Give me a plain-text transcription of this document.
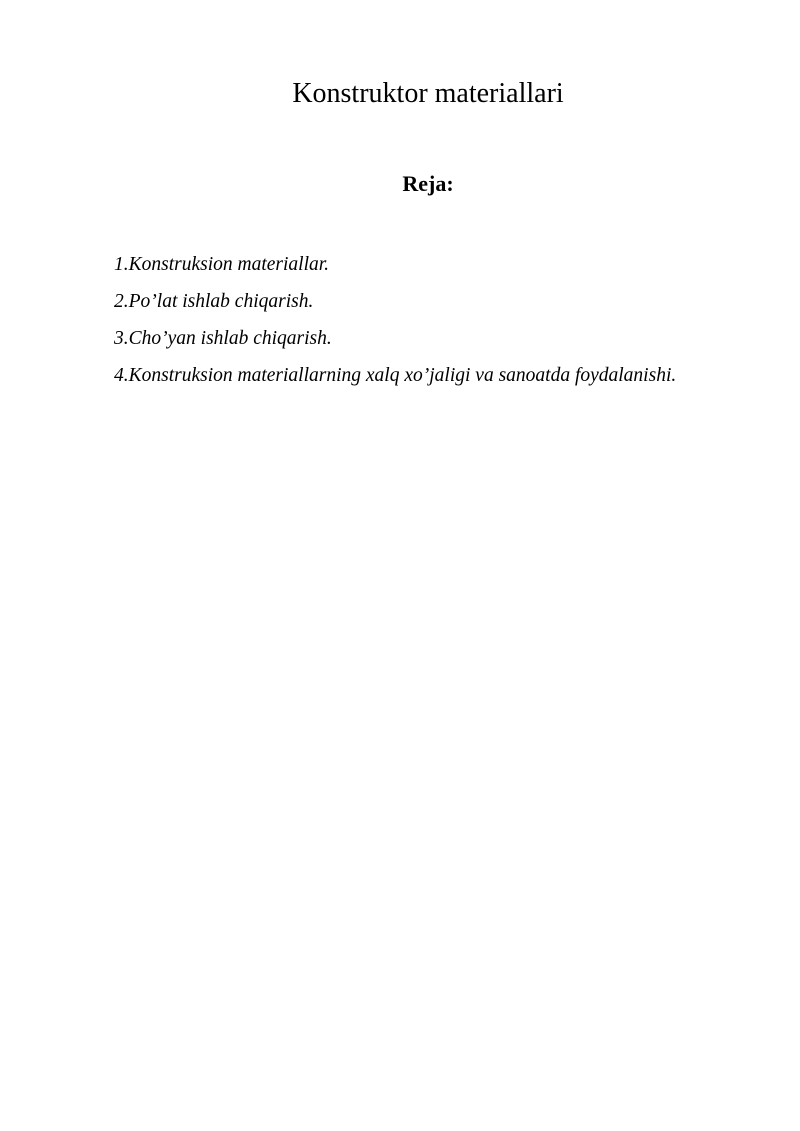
Konstruktor materiallari
Reja:
1.Konstruksion materiallar.
2.Po’lat ishlab chiqarish.
3.Cho’yan ishlab chiqarish.
4.Konstruksion materiallarning xalq xo’jaligi va sanoatda foydalanishi.
